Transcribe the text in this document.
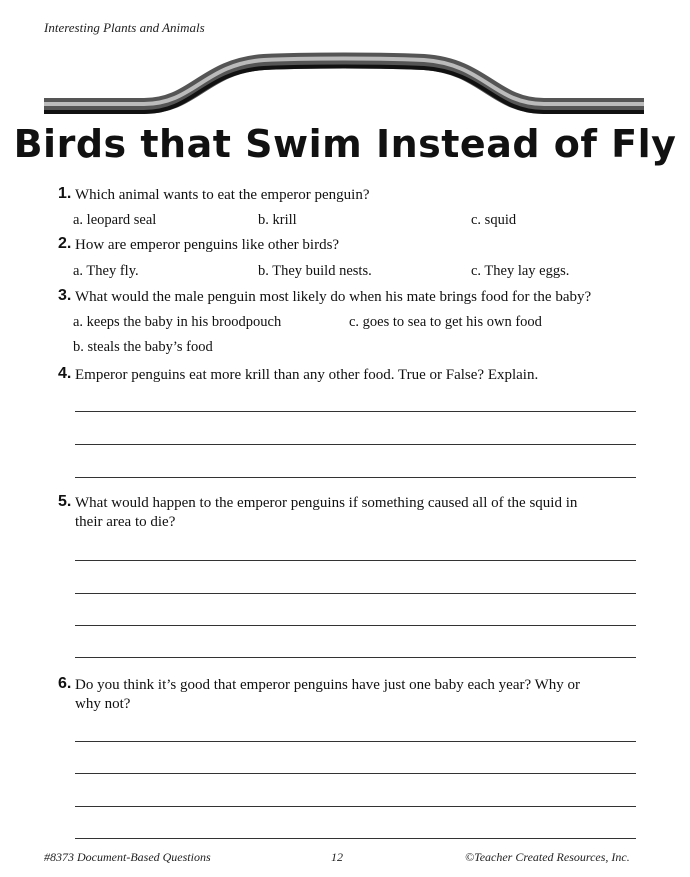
Interesting Plants and Animals
Birds that Swim Instead of Fly
1. Which animal wants to eat the emperor penguin?
a. leopard seal	b. krill	c. squid
2. How are emperor penguins like other birds?
a. They fly.	b. They build nests.	c. They lay eggs.
3. What would the male penguin most likely do when his mate brings food for the baby?
a. keeps the baby in his broodpouch	c. goes to sea to get his own food
b. steals the baby’s food
4. Emperor penguins eat more krill than any other food. True or False? Explain.
5. What would happen to the emperor penguins if something caused all of the squid in
their area to die?
6. Do you think it’s good that emperor penguins have just one baby each year? Why or
why not?
#8373 Document-Based Questions	12	©Teacher Created Resources, Inc.
